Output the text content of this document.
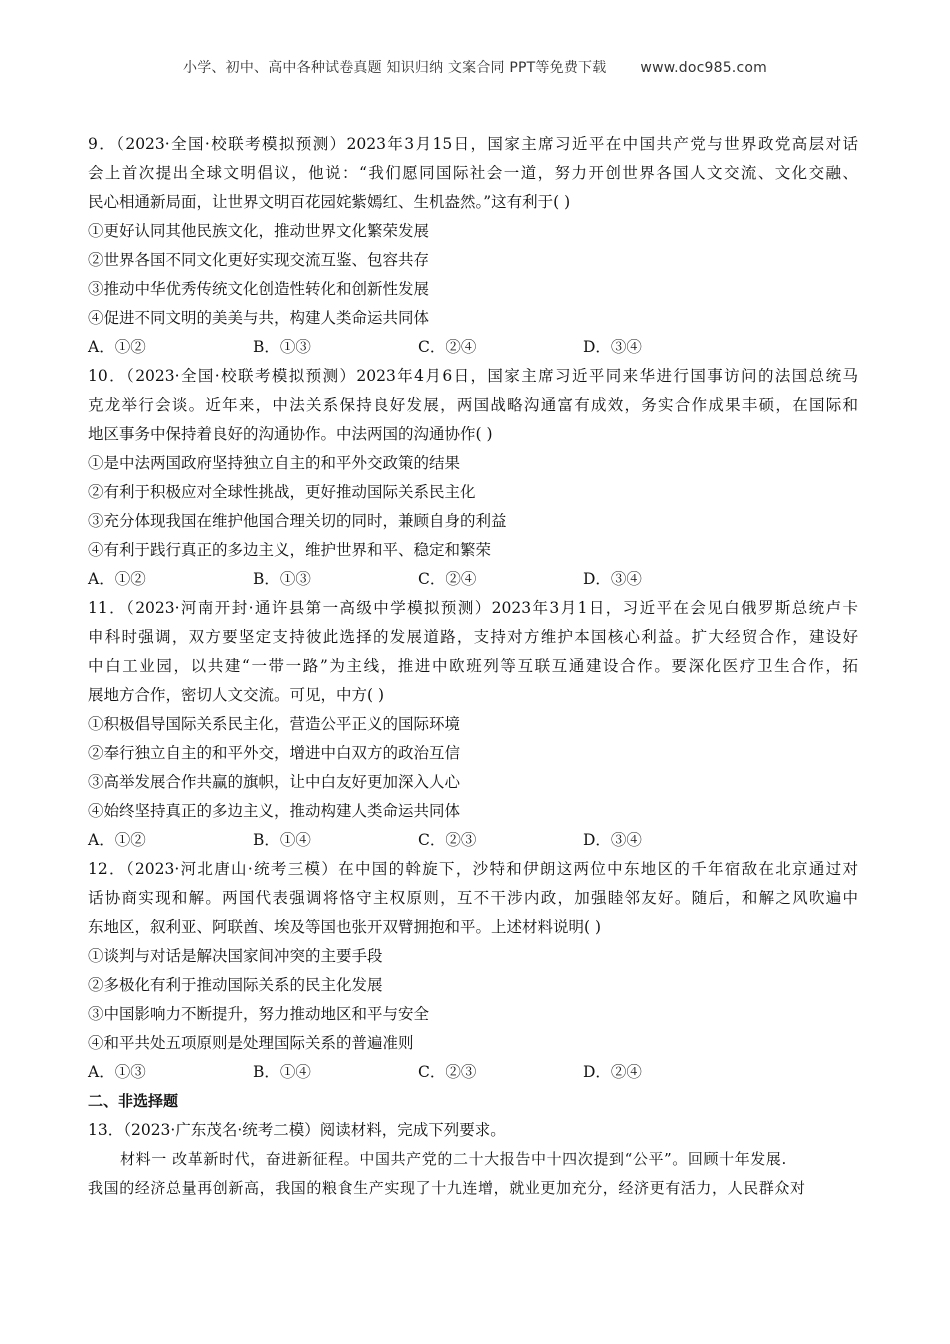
小学、初中、高中各种试卷真题 知识归纳 文案合同 PPT等免费下载 www.doc985.com
9．（2023·全国·校联考模拟预测）2023年3月15日，国家主席习近平在中国共产党与世界政党高层对话
会上首次提出全球文明倡议，他说：“我们愿同国际社会一道，努力开创世界各国人文交流、文化交融、
民心相通新局面，让世界文明百花园姹紫嫣红、生机盎然。”这有利于( )
①更好认同其他民族文化，推动世界文化繁荣发展
②世界各国不同文化更好实现交流互鉴、包容共存
③推动中华优秀传统文化创造性转化和创新性发展
④促进不同文明的美美与共，构建人类命运共同体
A．①②	B．①③	C．②④	D．③④
10．（2023·全国·校联考模拟预测）2023年4月6日，国家主席习近平同来华进行国事访问的法国总统马
克龙举行会谈。近年来，中法关系保持良好发展，两国战略沟通富有成效，务实合作成果丰硕，在国际和
地区事务中保持着良好的沟通协作。中法两国的沟通协作( )
①是中法两国政府坚持独立自主的和平外交政策的结果
②有利于积极应对全球性挑战，更好推动国际关系民主化
③充分体现我国在维护他国合理关切的同时，兼顾自身的利益
④有利于践行真正的多边主义，维护世界和平、稳定和繁荣
A．①②	B．①③	C．②④	D．③④
11．（2023·河南开封·通许县第一高级中学模拟预测）2023年3月1日，习近平在会见白俄罗斯总统卢卡
申科时强调，双方要坚定支持彼此选择的发展道路，支持对方维护本国核心利益。扩大经贸合作，建设好
中白工业园，以共建“一带一路”为主线，推进中欧班列等互联互通建设合作。要深化医疗卫生合作，拓
展地方合作，密切人文交流。可见，中方( )
①积极倡导国际关系民主化，营造公平正义的国际环境
②奉行独立自主的和平外交，增进中白双方的政治互信
③高举发展合作共赢的旗帜，让中白友好更加深入人心
④始终坚持真正的多边主义，推动构建人类命运共同体
A．①②	B．①④	C．②③	D．③④
12．（2023·河北唐山·统考三模）在中国的斡旋下，沙特和伊朗这两位中东地区的千年宿敌在北京通过对
话协商实现和解。两国代表强调将恪守主权原则，互不干涉内政，加强睦邻友好。随后，和解之风吹遍中
东地区，叙利亚、阿联酋、埃及等国也张开双臂拥抱和平。上述材料说明( )
①谈判与对话是解决国家间冲突的主要手段
②多极化有利于推动国际关系的民主化发展
③中国影响力不断提升，努力推动地区和平与安全
④和平共处五项原则是处理国际关系的普遍准则
A．①③	B．①④	C．②③	D．②④
二、非选择题
13．（2023·广东茂名·统考二模）阅读材料，完成下列要求。
材料一 改革新时代，奋进新征程。中国共产党的二十大报告中十四次提到“公平”。回顾十年发展.
我国的经济总量再创新高，我国的粮食生产实现了十九连增，就业更加充分，经济更有活力，人民群众对
